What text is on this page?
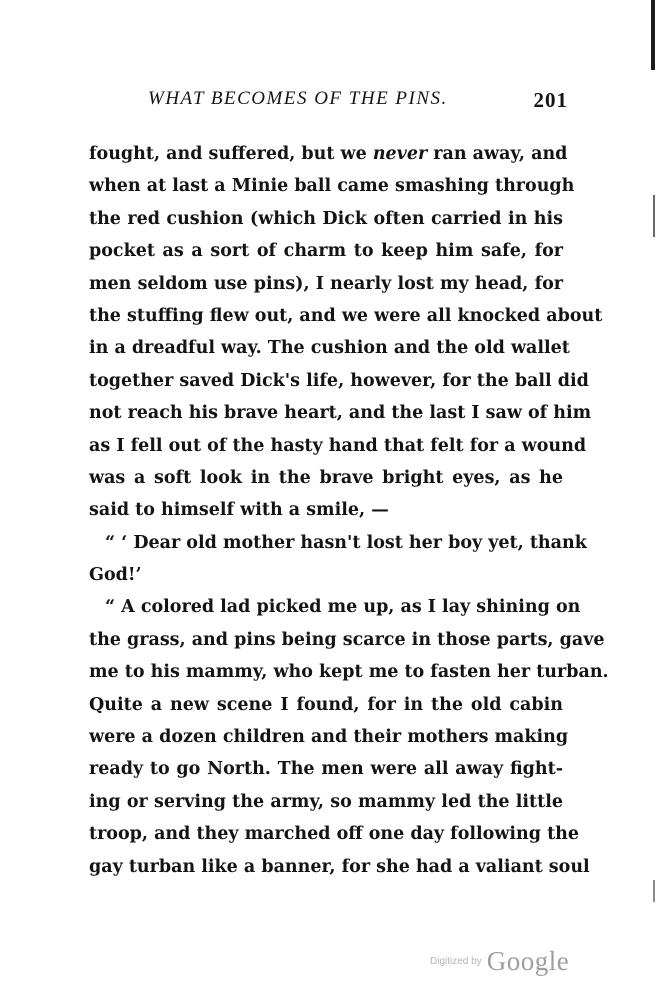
WHAT BECOMES OF THE PINS.	201
fought, and suffered, but we never ran away, and
when at last a Minie ball came smashing through
the red cushion (which Dick often carried in his
pocket as a sort of charm to keep him safe, for
men seldom use pins), I nearly lost my head, for
the stuffing flew out, and we were all knocked about
in a dreadful way. The cushion and the old wallet
together saved Dick's life, however, for the ball did
not reach his brave heart, and the last I saw of him
as I fell out of the hasty hand that felt for a wound
was a soft look in the brave bright eyes, as he
said to himself with a smile, —
“ ‘ Dear old mother hasn't lost her boy yet, thank
God!’
“ A colored lad picked me up, as I lay shining on
the grass, and pins being scarce in those parts, gave
me to his mammy, who kept me to fasten her turban.
Quite a new scene I found, for in the old cabin
were a dozen children and their mothers making
ready to go North. The men were all away fight-
ing or serving the army, so mammy led the little
troop, and they marched off one day following the
gay turban like a banner, for she had a valiant soul
Digitized by Google
